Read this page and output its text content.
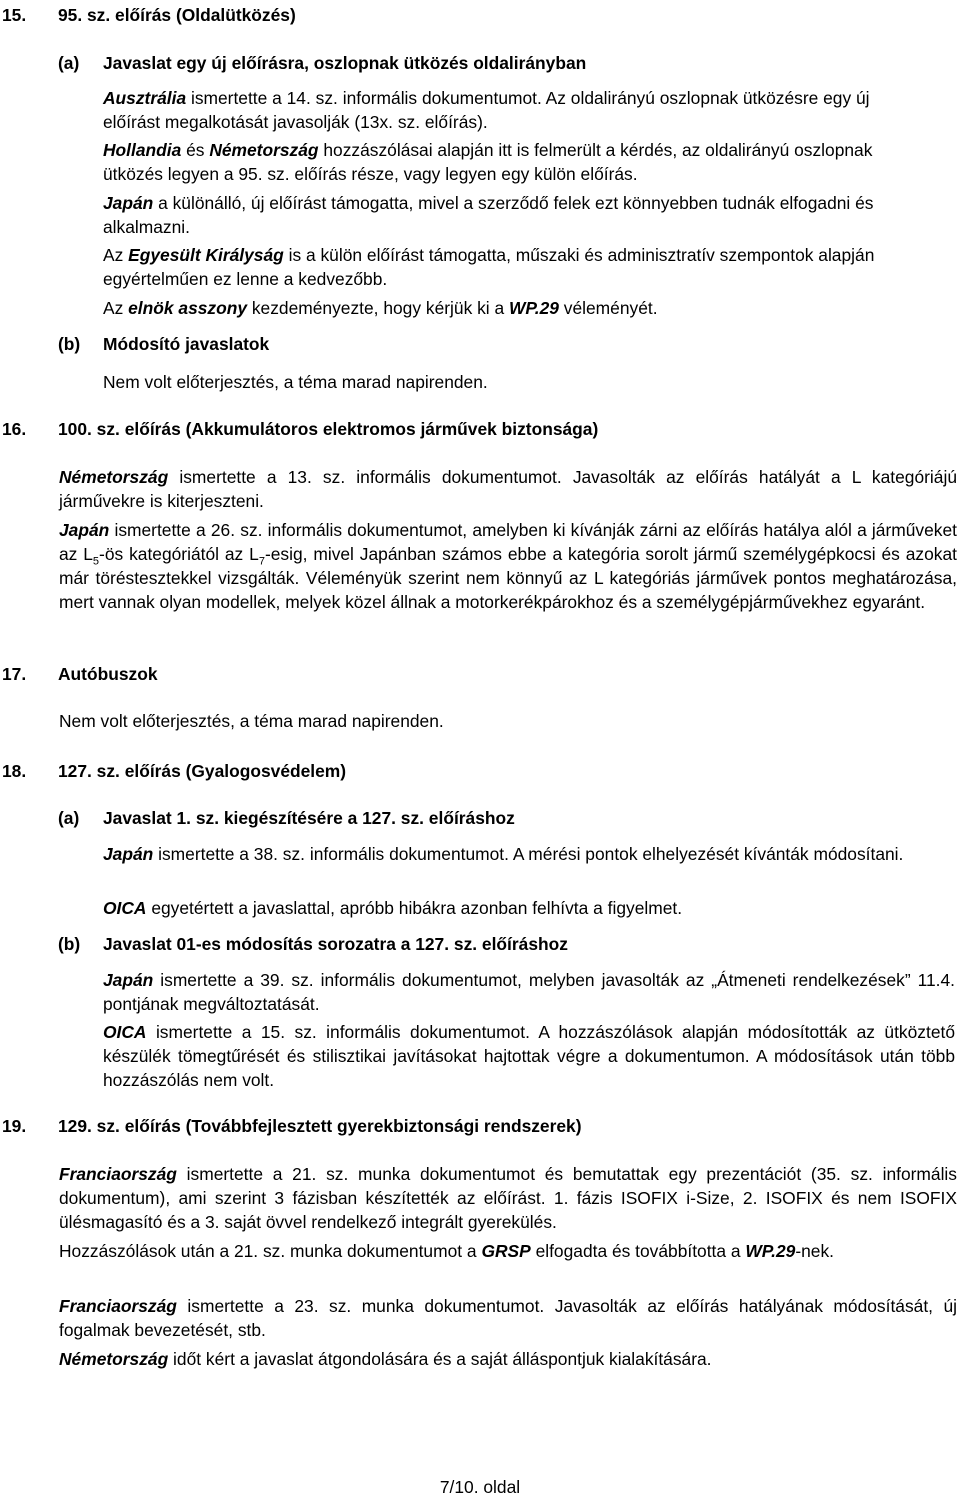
15. 95. sz. előírás (Oldalütközés)
(a) Javaslat egy új előírásra, oszlopnak ütközés oldalirányban

Ausztrália ismertette a 14. sz. informális dokumentumot. Az oldalirányú oszlopnak ütközésre egy új előírást megalkotását javasolják (13x. sz. előírás).

Hollandia és Németország hozzászólásai alapján itt is felmerült a kérdés, az oldalirányú oszlopnak ütközés legyen a 95. sz. előírás része, vagy legyen egy külön előírás.

Japán a különálló, új előírást támogatta, mivel a szerződő felek ezt könnyebben tudnák elfogadni és alkalmazni.

Az Egyesült Királyság is a külön előírást támogatta, műszaki és adminisztratív szempontok alapján egyértelműen ez lenne a kedvezőbb.

Az elnök asszony kezdeményezte, hogy kérjük ki a WP.29 véleményét.

(b) Módosító javaslatok

Nem volt előterjesztés, a téma marad napirenden.

16. 100. sz. előírás (Akkumulátoros elektromos járművek biztonsága)

Németország ismertette a 13. sz. informális dokumentumot. Javasolták az előírás hatályát a L kategóriájú járművekre is kiterjeszteni.

Japán ismertette a 26. sz. informális dokumentumot, amelyben ki kívánják zárni az előírás hatálya alól a járműveket az $L_5-ös$ kategóriától az $L_7$-esig, mivel Japánban számos ebbe a kategória sorolt jármű személygépkocsi és azokat már töréstesztekkel vizsgálták. Véleményük szerint nem könnyű az L kategóriás járművek pontos meghatározása, mert vannak olyan modellek, melyek közel állnak a motorkerékpárokhoz és a személygépjárművekhez egyaránt.

17. Autóbuszok

Nem volt előterjesztés, a téma marad napirenden.

18. 127. sz. előírás (Gyalogosvédelem)
(a) Javaslat 1. sz. kiegészítésére a 127. sz. előíráshoz

Japán ismertette a 38. sz. informális dokumentumot. A mérési pontok elhelyezését kívánták módosítani.

OICA egyetértett a javaslattal, apróbb hibákra azonban felhívta a figyelmet.

(b) Javaslat 01-es módosítás sorozatra a 127. sz. előíráshoz

Japán ismertette a 39. sz. informális dokumentumot, melyben javasolták az „Átmeneti rendelkezések” 11.4. pontjának megváltoztatását.

OICA ismertette a 15. sz. informális dokumentumot. A hozzászólások alapján módosították az ütköztető készülék tömegtűrését és stilisztikai javításokat hajtottak végre a dokumentumon. A módosítások után több hozzászólás nem volt.

19. 129. sz. előírás (Továbbfejlesztett gyerekbiztonsági rendszerek)

Franciaország ismertette a 21. sz. munka dokumentumot és bemutattak egy prezentációt (35. sz. informális dokumentum), ami szerint 3 fázisban készítették az előírást. 1. fázis ISOFIX i-Size, 2. ISOFIX és nem ISOFIX ülésmagasító és a 3. saját övvel rendelkező integrált gyerekülés.

Hozzászólások után a 21. sz. munka dokumentumot a GRSP elfogadta és továbbította a WP.29-nek.

Franciaország ismertette a 23. sz. munka dokumentumot. Javasolták az előírás hatályának módosítását, új fogalmak bevezetését, stb.

Németország időt kért a javaslat átgondolására és a saját álláspontjuk kialakítására.

7/10. oldal
